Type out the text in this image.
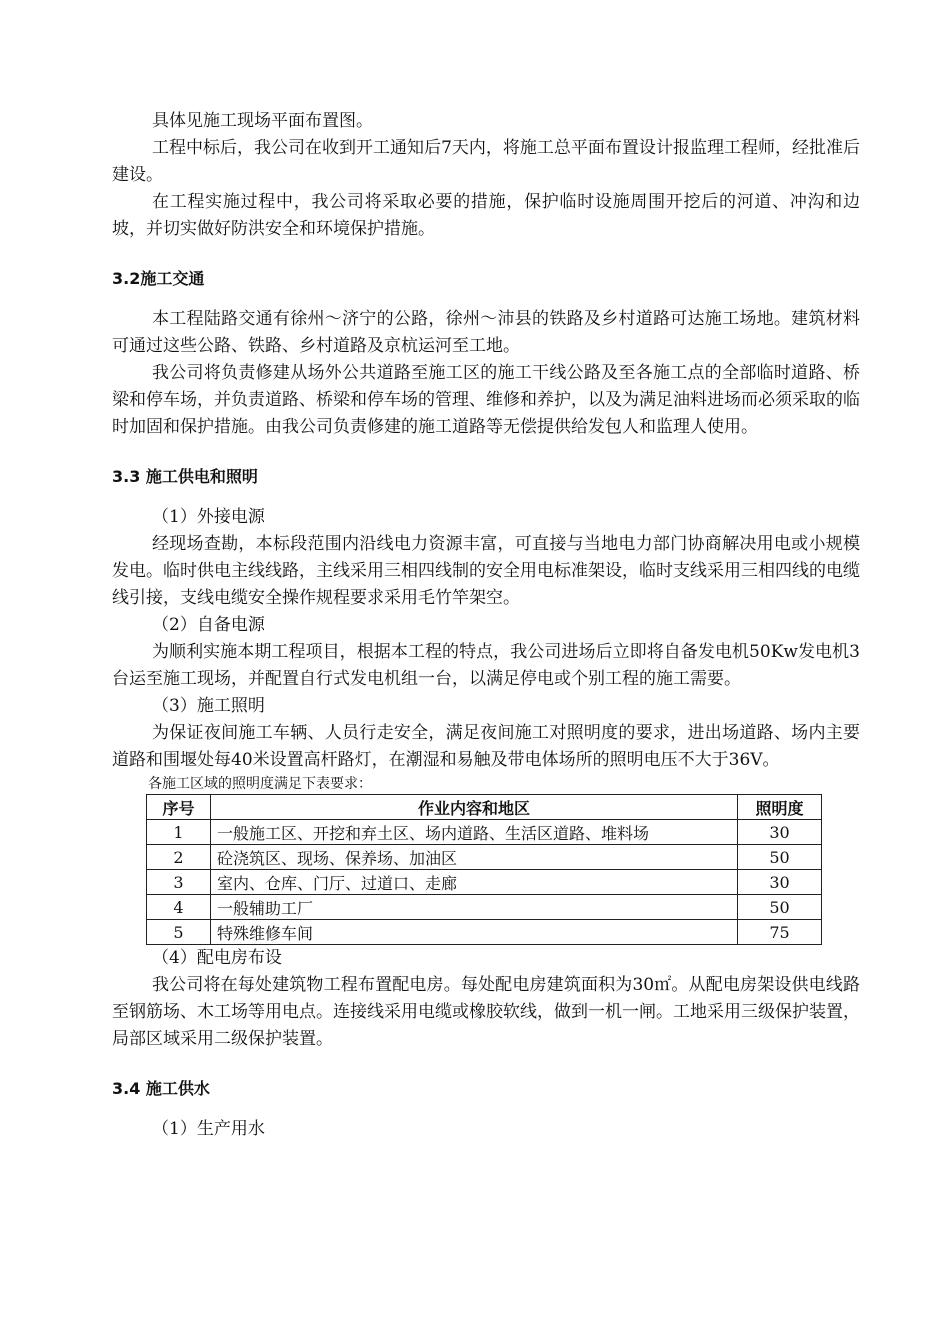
具体见施工现场平面布置图。

工程中标后，我公司在收到开工通知后7天内，将施工总平面布置设计报监理工程师，经批准后建设。

在工程实施过程中，我公司将采取必要的措施，保护临时设施周围开挖后的河道、冲沟和边坡，并切实做好防洪安全和环境保护措施。

3.2施工交通

本工程陆路交通有徐州～济宁的公路，徐州～沛县的铁路及乡村道路可达施工场地。建筑材料可通过这些公路、铁路、乡村道路及京杭运河至工地。

我公司将负责修建从场外公共道路至施工区的施工干线公路及至各施工点的全部临时道路、桥梁和停车场，并负责道路、桥梁和停车场的管理、维修和养护，以及为满足油料进场而必须采取的临时加固和保护措施。由我公司负责修建的施工道路等无偿提供给发包人和监理人使用。

3.3 施工供电和照明

（1）外接电源

经现场查勘，本标段范围内沿线电力资源丰富，可直接与当地电力部门协商解决用电或小规模发电。临时供电主线线路，主线采用三相四线制的安全用电标准架设，临时支线采用三相四线的电缆线引接，支线电缆安全操作规程要求采用毛竹竿架空。

（2）自备电源

为顺利实施本期工程项目，根据本工程的特点，我公司进场后立即将自备发电机50Kw发电机3台运至施工现场，并配置自行式发电机组一台，以满足停电或个别工程的施工需要。

（3）施工照明

为保证夜间施工车辆、人员行走安全，满足夜间施工对照明度的要求，进出场道路、场内主要道路和围堰处每40米设置高杆路灯，在潮湿和易触及带电体场所的照明电压不大于36V。

各施工区域的照明度满足下表要求：

序号	作业内容和地区	照明度
1	一般施工区、开挖和弃土区、场内道路、生活区道路、堆料场	30
2	砼浇筑区、现场、保养场、加油区	50
3	室内、仓库、门厅、过道口、走廊	30
4	一般辅助工厂	50
5	特殊维修车间	75

（4）配电房布设

我公司将在每处建筑物工程布置配电房。每处配电房建筑面积为30㎡。从配电房架设供电线路至钢筋场、木工场等用电点。连接线采用电缆或橡胶软线，做到一机一闸。工地采用三级保护装置，局部区域采用二级保护装置。

3.4 施工供水

（1）生产用水
